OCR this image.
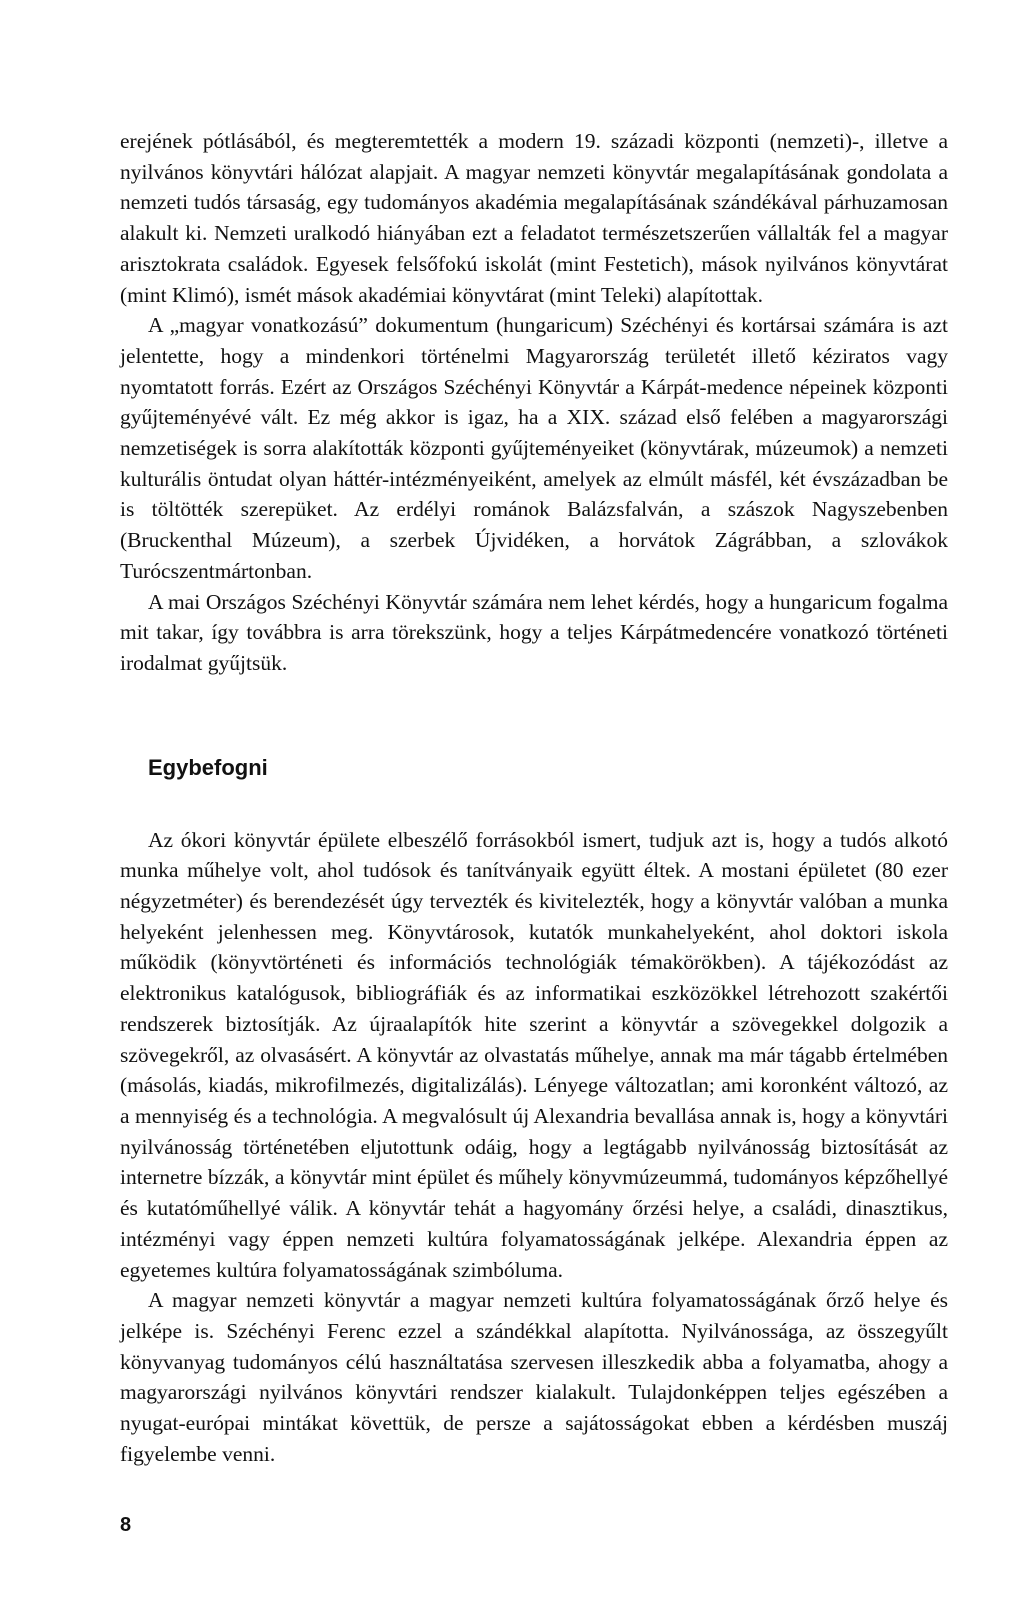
erejének pótlásából, és megteremtették a modern 19. századi központi (nemzeti)-, illetve a nyilvános könyvtári hálózat alapjait. A magyar nemzeti könyvtár megalapításának gondolata a nemzeti tudós társaság, egy tudományos akadémia megalapításának szándékával párhuzamosan alakult ki. Nemzeti uralkodó hiányában ezt a feladatot természetszerűen vállalták fel a magyar arisztokrata családok. Egyesek felsőfokú iskolát (mint Festetich), mások nyilvános könyvtárat (mint Klimó), ismét mások akadémiai könyvtárat (mint Teleki) alapítottak.

A „magyar vonatkozású” dokumentum (hungaricum) Széchényi és kortársai számára is azt jelentette, hogy a mindenkori történelmi Magyarország területét illető kéziratos vagy nyomtatott forrás. Ezért az Országos Széchényi Könyvtár a Kárpát-medence népeinek központi gyűjteményévé vált. Ez még akkor is igaz, ha a XIX. század első felében a magyarországi nemzetiségek is sorra alakították központi gyűjteményeiket (könyvtárak, múzeumok) a nemzeti kulturális öntudat olyan háttér-intézményeiként, amelyek az elmúlt másfél, két évszázadban be is töltötték szerepüket. Az erdélyi románok Balázsfalván, a szászok Nagyszebenben (Bruckenthal Múzeum), a szerbek Újvidéken, a horvátok Zágrábban, a szlovákok Turócszentmártonban.

A mai Országos Széchényi Könyvtár számára nem lehet kérdés, hogy a hungaricum fogalma mit takar, így továbbra is arra törekszünk, hogy a teljes Kárpátmedencére vonatkozó történeti irodalmat gyűjtsük.

Egybefogni

Az ókori könyvtár épülete elbeszélő forrásokból ismert, tudjuk azt is, hogy a tudós alkotó munka műhelye volt, ahol tudósok és tanítványaik együtt éltek. A mostani épületet (80 ezer négyzetméter) és berendezését úgy tervezték és kivitelezték, hogy a könyvtár valóban a munka helyeként jelenhessen meg. Könyvtárosok, kutatók munkahelyeként, ahol doktori iskola működik (könyvtörténeti és információs technológiák témakörökben). A tájékozódást az elektronikus katalógusok, bibliográfiák és az informatikai eszközökkel létrehozott szakértői rendszerek biztosítják. Az újraalapítók hite szerint a könyvtár a szövegekkel dolgozik a szövegekről, az olvasásért. A könyvtár az olvastatás műhelye, annak ma már tágabb értelmében (másolás, kiadás, mikrofilmezés, digitalizálás). Lényege változatlan; ami koronként változó, az a mennyiség és a technológia. A megvalósult új Alexandria bevallása annak is, hogy a könyvtári nyilvánosság történetében eljutottunk odáig, hogy a legtágabb nyilvánosság biztosítását az internetre bízzák, a könyvtár mint épület és műhely könyvmúzeummá, tudományos képzőhellyé és kutatóműhellyé válik. A könyvtár tehát a hagyomány őrzési helye, a családi, dinasztikus, intézményi vagy éppen nemzeti kultúra folyamatosságának jelképe. Alexandria éppen az egyetemes kultúra folyamatosságának szimbóluma.

A magyar nemzeti könyvtár a magyar nemzeti kultúra folyamatosságának őrző helye és jelképe is. Széchényi Ferenc ezzel a szándékkal alapította. Nyilvánossága, az összegyűlt könyvanyag tudományos célú használtatása szervesen illeszkedik abba a folyamatba, ahogy a magyarországi nyilvános könyvtári rendszer kialakult. Tulajdonképpen teljes egészében a nyugat-európai mintákat követtük, de persze a sajátosságokat ebben a kérdésben muszáj figyelembe venni.

8
